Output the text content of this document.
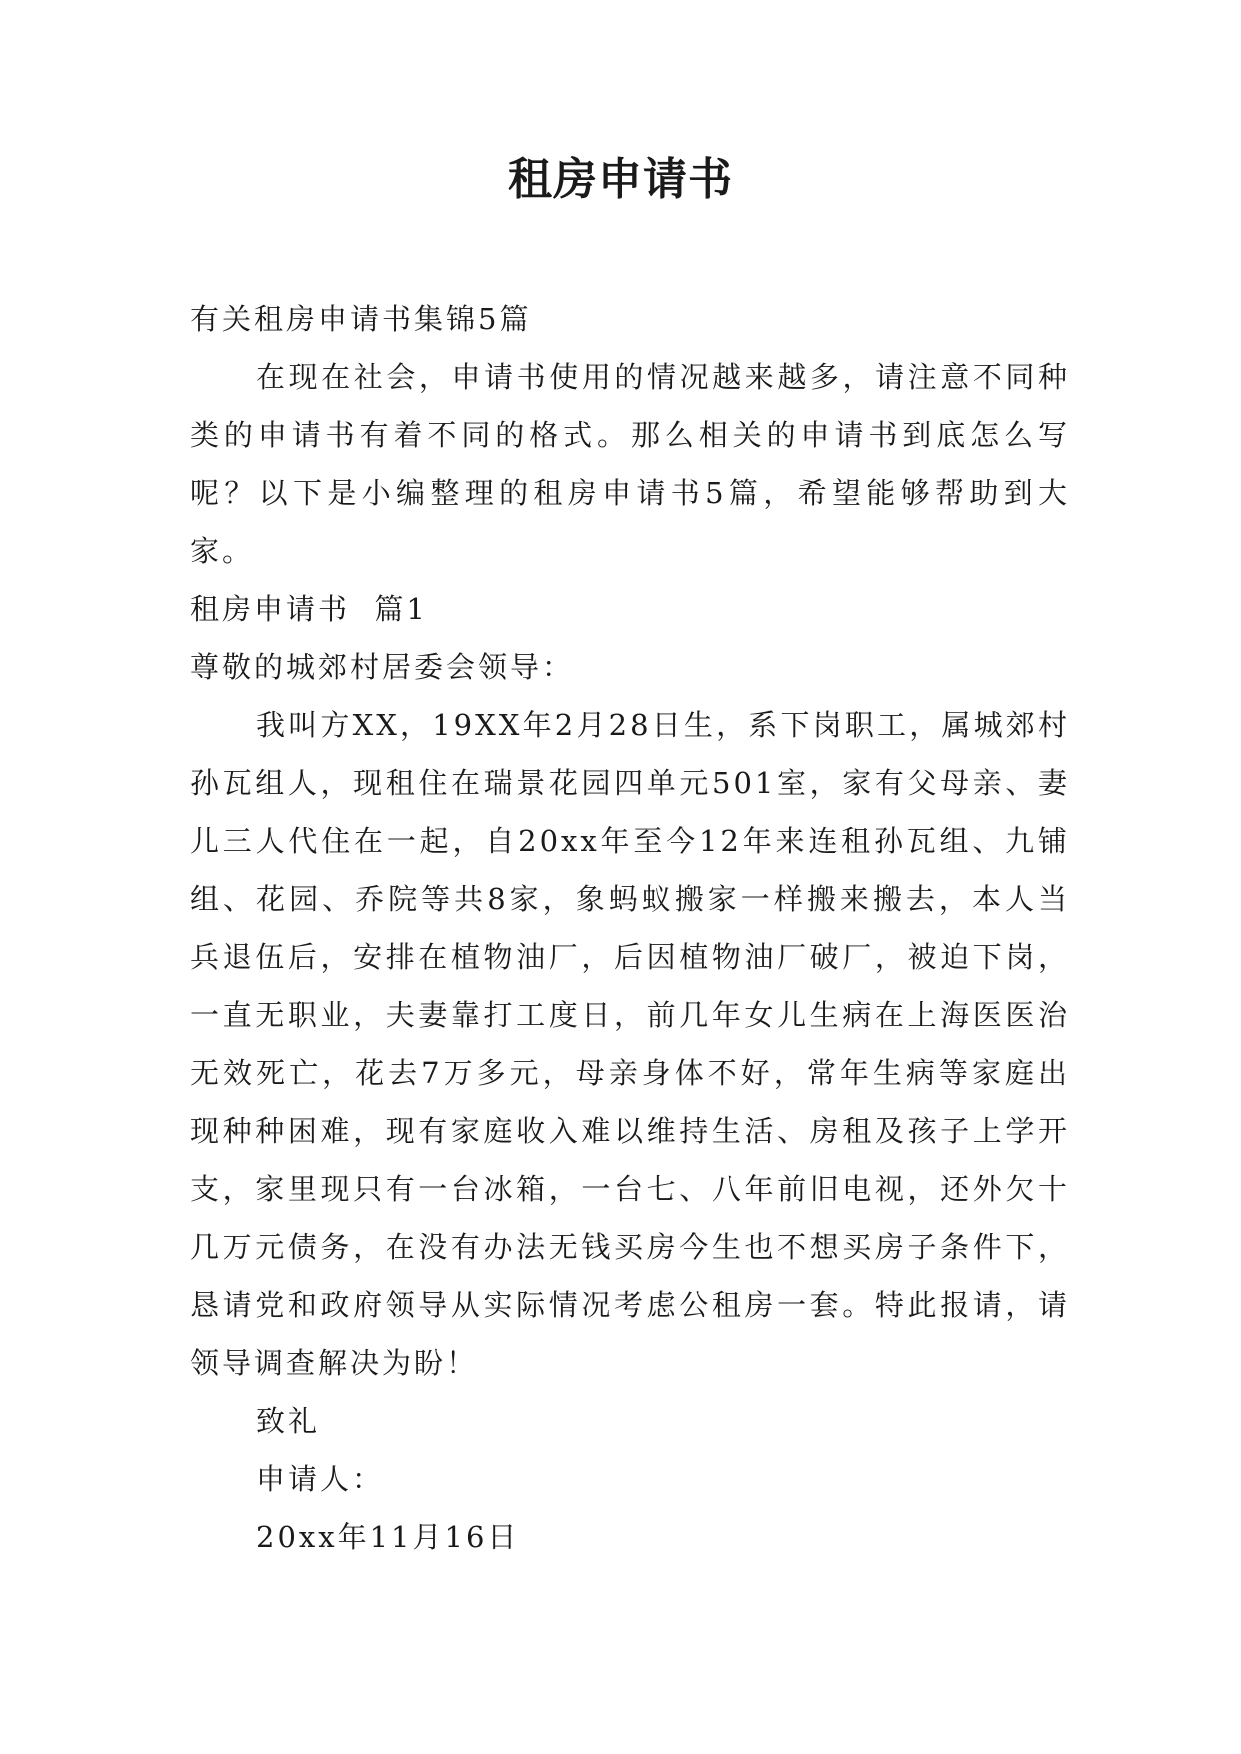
租房申请书

有关租房申请书集锦5篇

在现在社会，申请书使用的情况越来越多，请注意不同种类的申请书有着不同的格式。那么相关的申请书到底怎么写呢？以下是小编整理的租房申请书5篇，希望能够帮助到大家。

租房申请书  篇1

尊敬的城郊村居委会领导：

我叫方XX，19XX年2月28日生，系下岗职工，属城郊村孙瓦组人，现租住在瑞景花园四单元501室，家有父母亲、妻儿三人代住在一起，自20xx年至今12年来连租孙瓦组、九铺组、花园、乔院等共8家，象蚂蚁搬家一样搬来搬去，本人当兵退伍后，安排在植物油厂，后因植物油厂破厂，被迫下岗，一直无职业，夫妻靠打工度日，前几年女儿生病在上海医医治无效死亡，花去7万多元，母亲身体不好，常年生病等家庭出现种种困难，现有家庭收入难以维持生活、房租及孩子上学开支，家里现只有一台冰箱，一台七、八年前旧电视，还外欠十几万元债务，在没有办法无钱买房今生也不想买房子条件下，恳请党和政府领导从实际情况考虑公租房一套。特此报请，请领导调查解决为盼！

致礼

申请人：

20xx年11月16日
